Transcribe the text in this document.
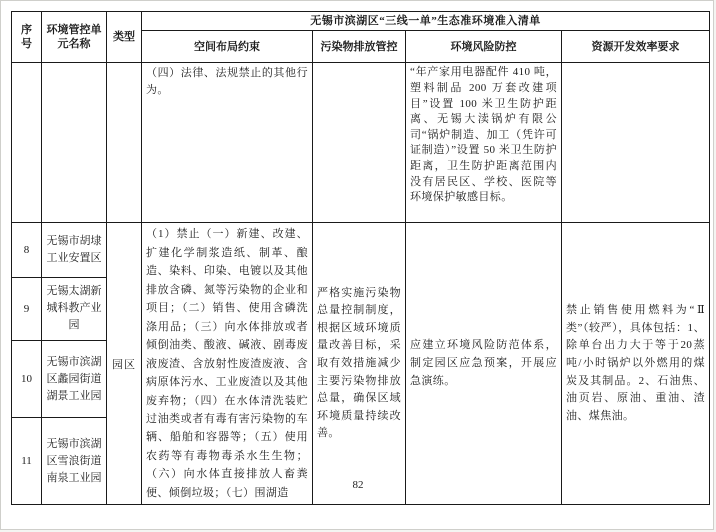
序号	环境管控单元名称	类型	无锡市滨湖区“三线一单”生态准环境准入清单			
			空间布局约束	污染物排放管控	环境风险防控	资源开发效率要求
			（四）法律、法规禁止的其他行为。		“年产家用电器配件 410 吨，塑料制品 200 万套改建项目”设置 100 米卫生防护距离、无锡大渎锅炉有限公司“锅炉制造、加工（凭许可证制造）”设置 50 米卫生防护距离，卫生防护距离范围内没有居民区、学校、医院等环境保护敏感目标。	
8	无锡市胡埭工业安置区	园区	（1）禁止（一）新建、改建、扩建化学制浆造纸、制革、酿造、染料、印染、电镀以及其他排放含磷、氮等污染物的企业和项目；（二）销售、使用含磷洗涤用品；（三）向水体排放或者倾倒油类、酸液、碱液、剧毒废液废渣、含放射性废渣废液、含病原体污水、工业废渣以及其他废弃物；（四）在水体清洗装贮过油类或者有毒有害污染物的车辆、船舶和容器等；（五）使用农药等有毒物毒杀水生生物；（六）向水体直接排放人畜粪便、倾倒垃圾；（七）围湖造	严格实施污染物总量控制制度，根据区域环境质量改善目标，采取有效措施减少主要污染物排放总量，确保区域环境质量持续改善。	应建立环境风险防范体系，制定园区应急预案，开展应急演练。	禁止销售使用燃料为“Ⅱ类”（较严），具体包括：1、除单台出力大于等于20蒸吨/小时锅炉以外燃用的煤炭及其制品。2、石油焦、油页岩、原油、重油、渣油、煤焦油。
9	无锡太湖新城科教产业园					
10	无锡市滨湖区蠡园街道湖景工业园					
11	无锡市滨湖区雪浪街道南泉工业园					
82
